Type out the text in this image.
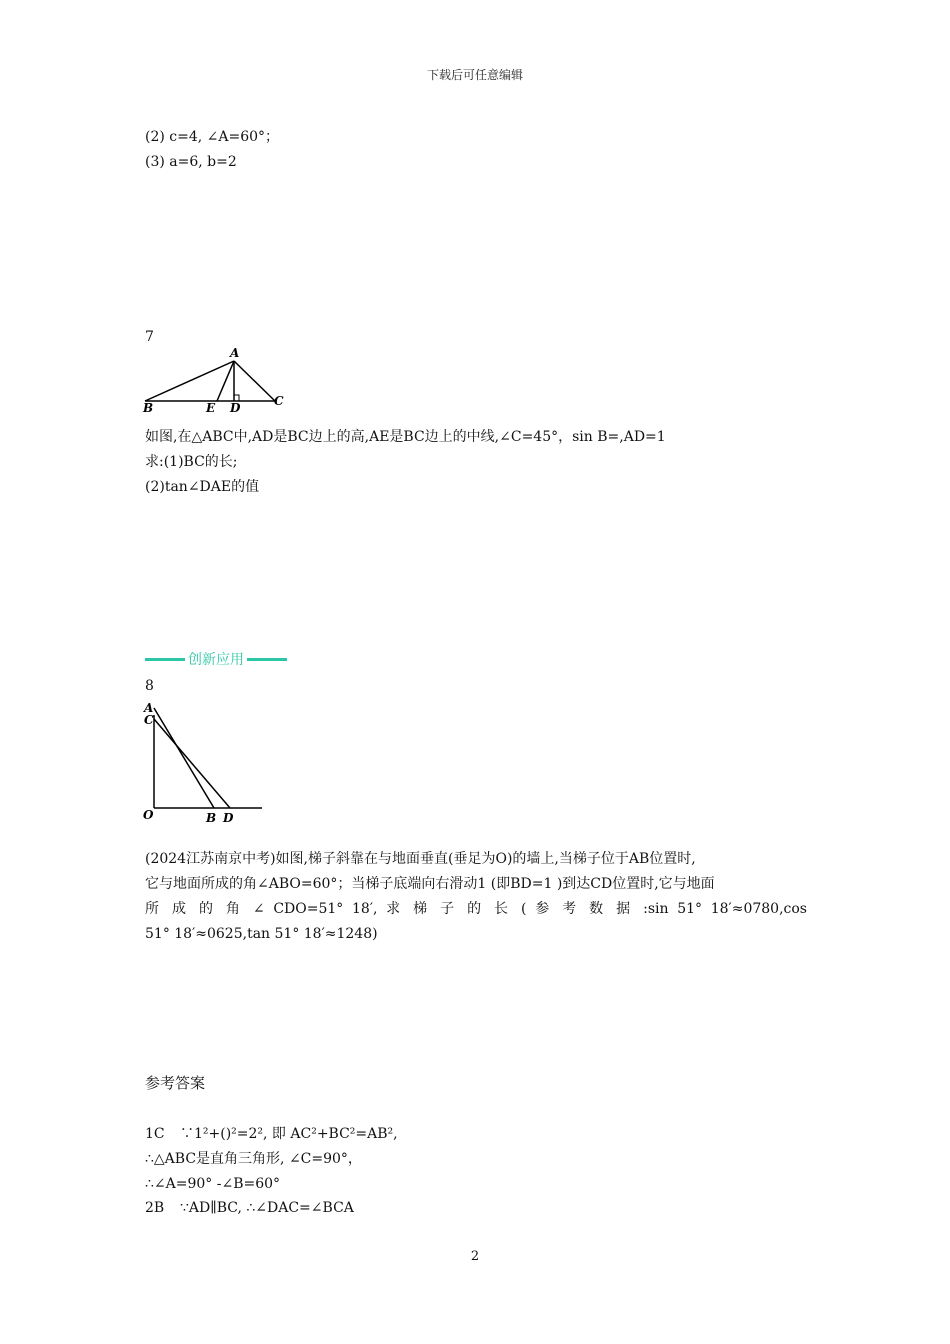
下载后可任意编辑
(2) c=4, ∠A=60°；
(3) a=6, b=2
7
A
B	C
D
E
如图,在△ABC中,AD是BC边上的高,AE是BC边上的中线,∠C=45°，sin B=,AD=1
求:(1)BC的长;
(2)tan∠DAE的值
创新应用
8
A
C
O	B D
(2024江苏南京中考)如图,梯子斜靠在与地面垂直(垂足为O)的墙上,当梯子位于AB位置时,
它与地面所成的角∠ABO=60°；当梯子底端向右滑动1 (即BD=1 )到达CD位置时,它与地面
所 成 的 角 ∠ CDO=51° 18′, 求 梯 子 的 长 ( 参 考 数 据 :sin 51° 18′≈0780,cos
51° 18′≈0625,tan 51° 18′≈1248)
参考答案
1C ∵1²+()²=2², 即 AC²+BC²=AB²,
∴△ABC是直角三角形, ∠C=90°，
∴∠A=90° -∠B=60°
2B ∵AD∥BC, ∴∠DAC=∠BCA
2
